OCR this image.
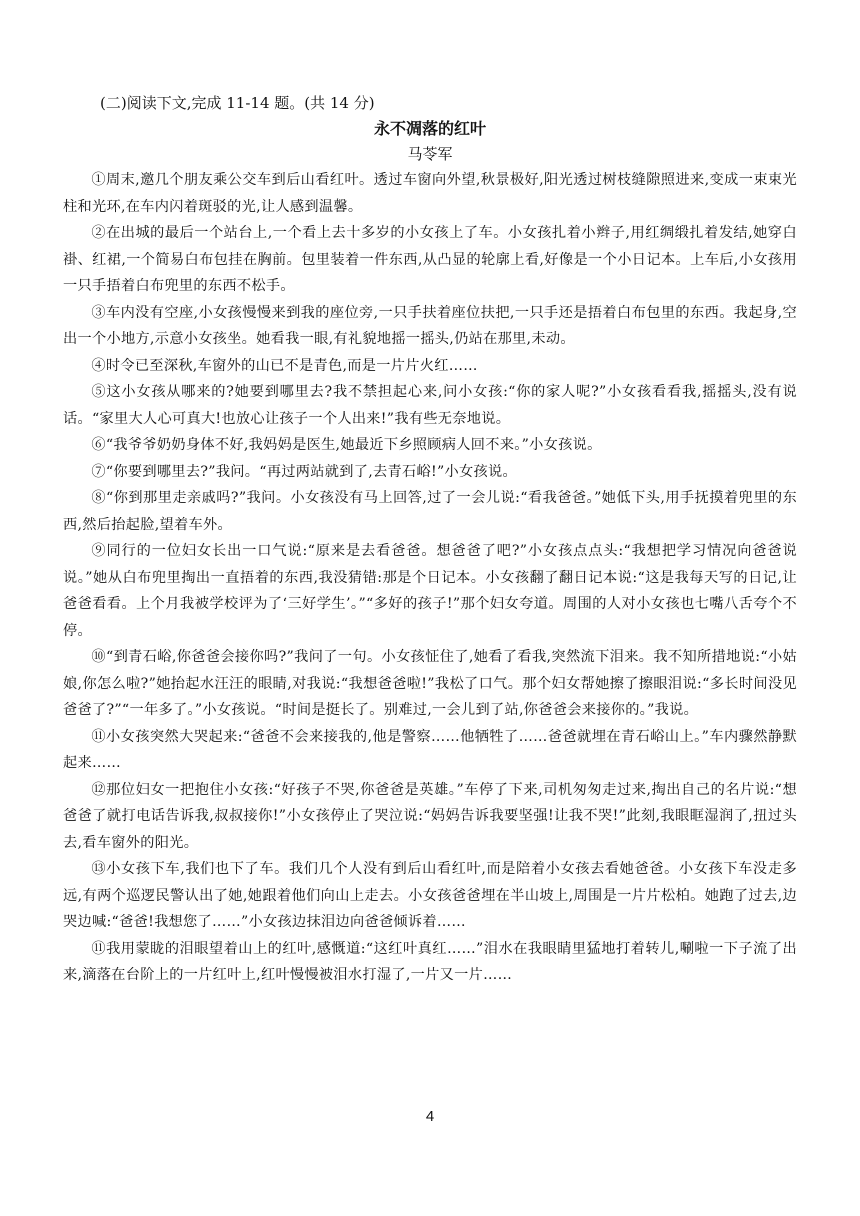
(二)阅读下文,完成 11-14 题。(共 14 分)
永不凋落的红叶
马苓军

①周末,邀几个朋友乘公交车到后山看红叶。透过车窗向外望,秋景极好,阳光透过树枝缝隙照进来,变成一束束光柱和光环,在车内闪着斑驳的光,让人感到温馨。

②在出城的最后一个站台上,一个看上去十多岁的小女孩上了车。小女孩扎着小辫子,用红绸缎扎着发结,她穿白褂、红裙,一个简易白布包挂在胸前。包里装着一件东西,从凸显的轮廓上看,好像是一个小日记本。上车后,小女孩用一只手捂着白布兜里的东西不松手。

③车内没有空座,小女孩慢慢来到我的座位旁,一只手扶着座位扶把,一只手还是捂着白布包里的东西。我起身,空出一个小地方,示意小女孩坐。她看我一眼,有礼貌地摇一摇头,仍站在那里,未动。

④时令已至深秋,车窗外的山已不是青色,而是一片片火红……

⑤这小女孩从哪来的?她要到哪里去?我不禁担起心来,问小女孩:“你的家人呢?”小女孩看看我,摇摇头,没有说话。“家里大人心可真大!也放心让孩子一个人出来!”我有些无奈地说。

⑥“我爷爷奶奶身体不好,我妈妈是医生,她最近下乡照顾病人回不来。”小女孩说。

⑦“你要到哪里去?”我问。“再过两站就到了,去青石峪!”小女孩说。

⑧“你到那里走亲戚吗?”我问。小女孩没有马上回答,过了一会儿说:“看我爸爸。”她低下头,用手抚摸着兜里的东西,然后抬起脸,望着车外。

⑨同行的一位妇女长出一口气说:“原来是去看爸爸。想爸爸了吧?”小女孩点点头:“我想把学习情况向爸爸说说。”她从白布兜里掏出一直捂着的东西,我没猜错:那是个日记本。小女孩翻了翻日记本说:“这是我每天写的日记,让爸爸看看。上个月我被学校评为了‘三好学生’。”“多好的孩子!”那个妇女夸道。周围的人对小女孩也七嘴八舌夸个不停。

⑩“到青石峪,你爸爸会接你吗?”我问了一句。小女孩怔住了,她看了看我,突然流下泪来。我不知所措地说:“小姑娘,你怎么啦?”她抬起水汪汪的眼睛,对我说:“我想爸爸啦!”我松了口气。那个妇女帮她擦了擦眼泪说:“多长时间没见爸爸了?”“一年多了。”小女孩说。“时间是挺长了。别难过,一会儿到了站,你爸爸会来接你的。”我说。

⑪小女孩突然大哭起来:“爸爸不会来接我的,他是警察……他牺牲了……爸爸就埋在青石峪山上。”车内骤然静默起来……

⑫那位妇女一把抱住小女孩:“好孩子不哭,你爸爸是英雄。”车停了下来,司机匆匆走过来,掏出自己的名片说:“想爸爸了就打电话告诉我,叔叔接你!”小女孩停止了哭泣说:“妈妈告诉我要坚强!让我不哭!”此刻,我眼眶湿润了,扭过头去,看车窗外的阳光。

⑬小女孩下车,我们也下了车。我们几个人没有到后山看红叶,而是陪着小女孩去看她爸爸。小女孩下车没走多远,有两个巡逻民警认出了她,她跟着他们向山上走去。小女孩爸爸埋在半山坡上,周围是一片片松柏。她跑了过去,边哭边喊:“爸爸!我想您了……”小女孩边抹泪边向爸爸倾诉着……

⑪我用蒙眬的泪眼望着山上的红叶,感慨道:“这红叶真红……”泪水在我眼睛里猛地打着转儿,唰啦一下子流了出来,滴落在台阶上的一片红叶上,红叶慢慢被泪水打湿了,一片又一片……

4
